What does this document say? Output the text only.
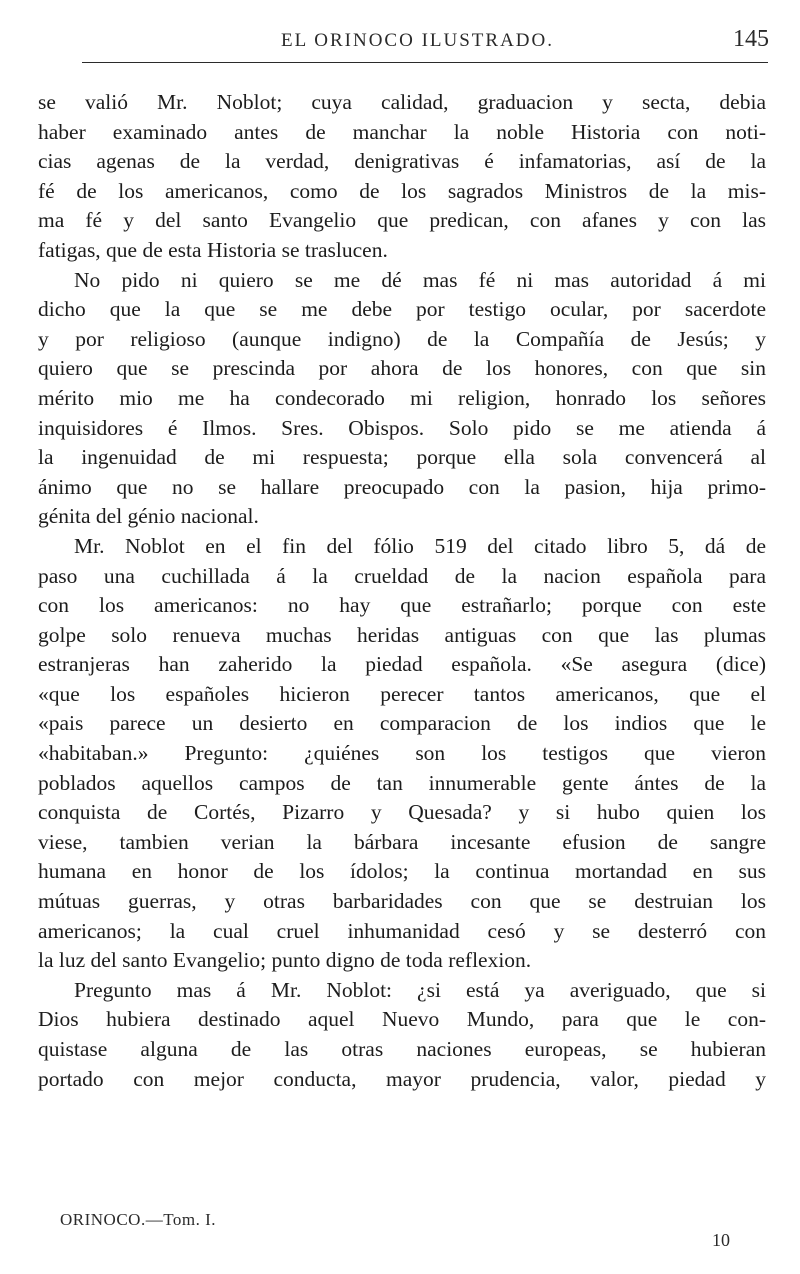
EL ORINOCO ILUSTRADO.	145
se valió Mr. Noblot; cuya calidad, graduacion y secta, debia
haber examinado antes de manchar la noble Historia con noti-
cias agenas de la verdad, denigrativas é infamatorias, así de la
fé de los americanos, como de los sagrados Ministros de la mis-
ma fé y del santo Evangelio que predican, con afanes y con las
fatigas, que de esta Historia se traslucen.
No pido ni quiero se me dé mas fé ni mas autoridad á mi
dicho que la que se me debe por testigo ocular, por sacerdote
y por religioso (aunque indigno) de la Compañía de Jesús; y
quiero que se prescinda por ahora de los honores, con que sin
mérito mio me ha condecorado mi religion, honrado los señores
inquisidores é Ilmos. Sres. Obispos. Solo pido se me atienda á
la ingenuidad de mi respuesta; porque ella sola convencerá al
ánimo que no se hallare preocupado con la pasion, hija primo-
génita del génio nacional.
Mr. Noblot en el fin del fólio 519 del citado libro 5, dá de
paso una cuchillada á la crueldad de la nacion española para
con los americanos: no hay que estrañarlo; porque con este
golpe solo renueva muchas heridas antiguas con que las plumas
estranjeras han zaherido la piedad española. «Se asegura (dice)
«que los españoles hicieron perecer tantos americanos, que el
«pais parece un desierto en comparacion de los indios que le
«habitaban.» Pregunto: ¿quiénes son los testigos que vieron
poblados aquellos campos de tan innumerable gente ántes de la
conquista de Cortés, Pizarro y Quesada? y si hubo quien los
viese, tambien verian la bárbara incesante efusion de sangre
humana en honor de los ídolos; la continua mortandad en sus
mútuas guerras, y otras barbaridades con que se destruian los
americanos; la cual cruel inhumanidad cesó y se desterró con
la luz del santo Evangelio; punto digno de toda reflexion.
Pregunto mas á Mr. Noblot: ¿si está ya averiguado, que si
Dios hubiera destinado aquel Nuevo Mundo, para que le con-
quistase alguna de las otras naciones europeas, se hubieran
portado con mejor conducta, mayor prudencia, valor, piedad y
ORINOCO.—Tom. I.
10
